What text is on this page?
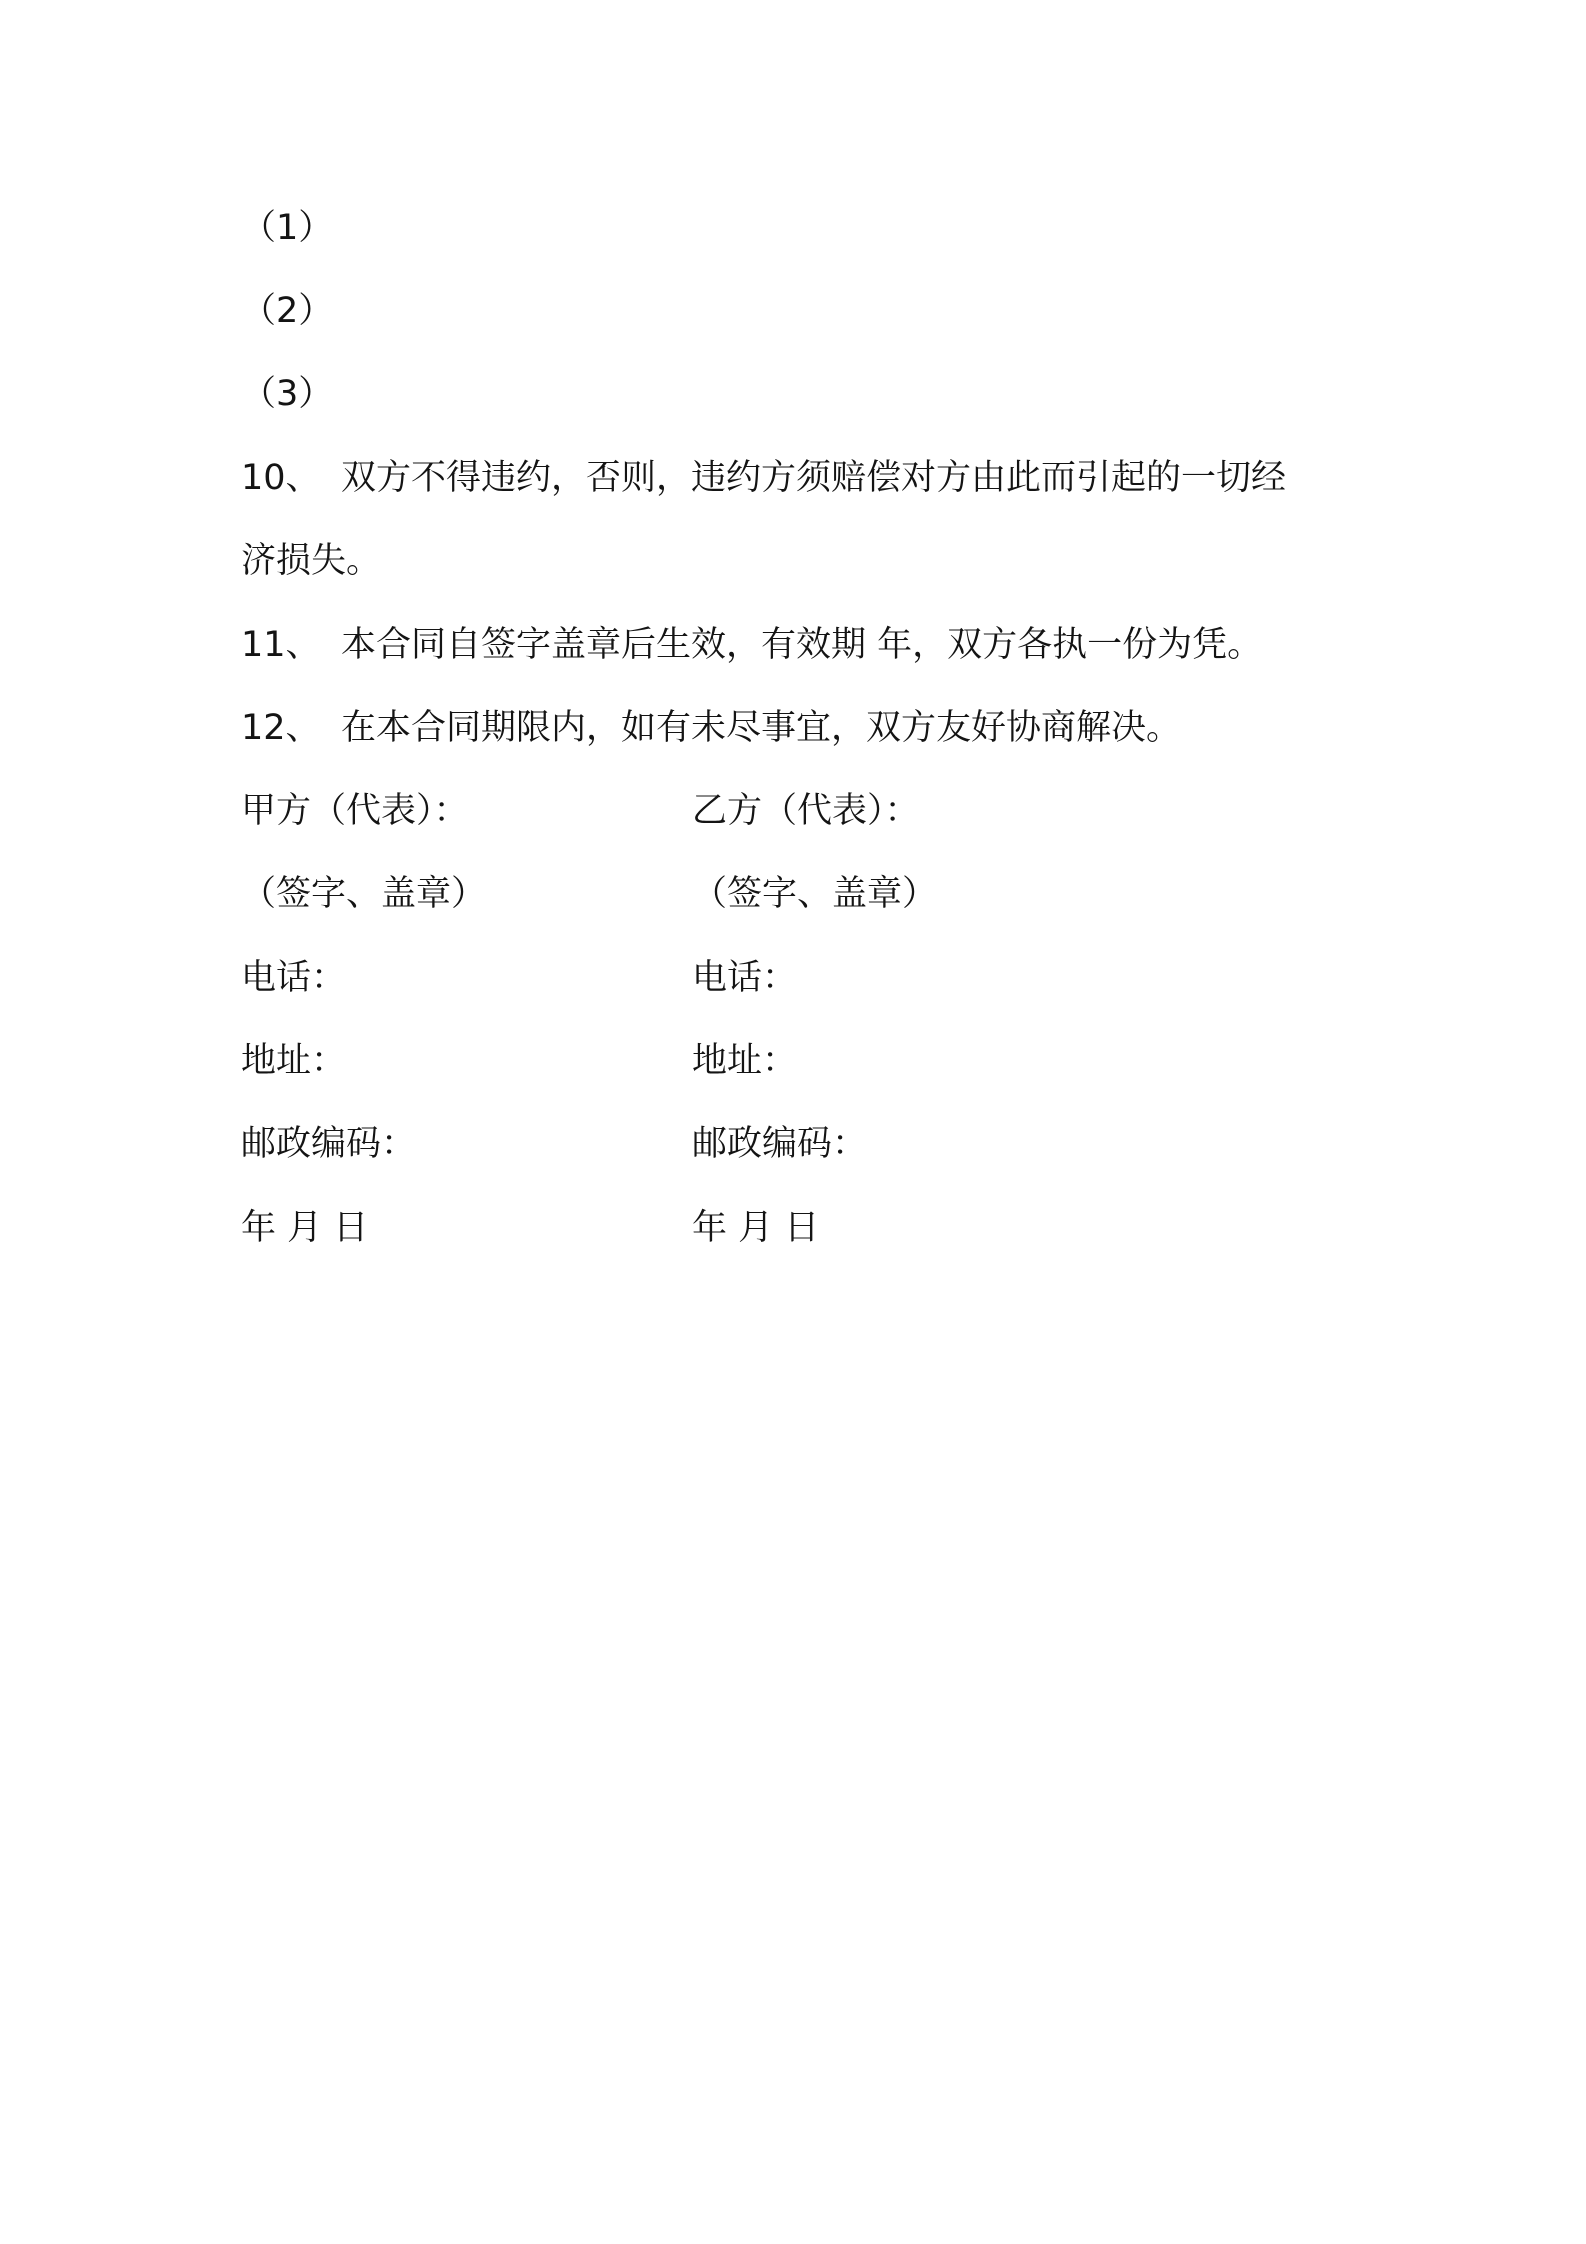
（1）
（2）
（3）
10、 双方不得违约，否则，违约方须赔偿对方由此而引起的一切经
济损失。
11、 本合同自签字盖章后生效，有效期 年，双方各执一份为凭。
12、 在本合同期限内，如有未尽事宜，双方友好协商解决。
甲方（代表）：
（签字、盖章）
电话：
地址：
邮政编码：
年 月 日
乙方（代表）：
（签字、盖章）
电话：
地址：
邮政编码：
年 月 日
